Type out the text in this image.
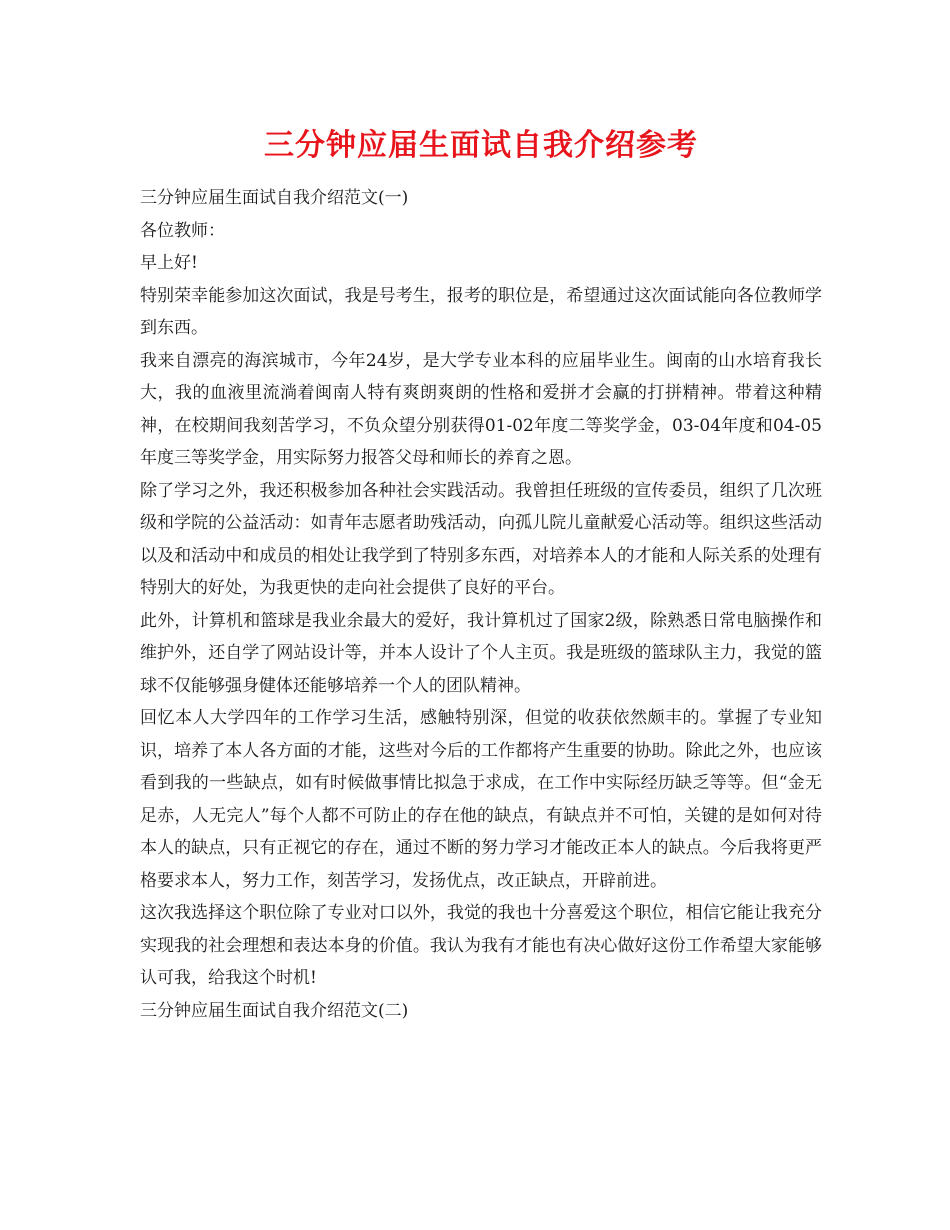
三分钟应届生面试自我介绍参考

三分钟应届生面试自我介绍范文(一)

各位教师：

早上好!

特别荣幸能参加这次面试，我是号考生，报考的职位是，希望通过这次面试能向各位教师学到东西。

我来自漂亮的海滨城市，今年24岁，是大学专业本科的应届毕业生。闽南的山水培育我长大，我的血液里流淌着闽南人特有爽朗爽朗的性格和爱拼才会赢的打拼精神。带着这种精神，在校期间我刻苦学习，不负众望分别获得01-02年度二等奖学金，03-04年度和04-05年度三等奖学金，用实际努力报答父母和师长的养育之恩。

除了学习之外，我还积极参加各种社会实践活动。我曾担任班级的宣传委员，组织了几次班级和学院的公益活动：如青年志愿者助残活动，向孤儿院儿童献爱心活动等。组织这些活动以及和活动中和成员的相处让我学到了特别多东西，对培养本人的才能和人际关系的处理有特别大的好处，为我更快的走向社会提供了良好的平台。

此外，计算机和篮球是我业余最大的爱好，我计算机过了国家2级，除熟悉日常电脑操作和维护外，还自学了网站设计等，并本人设计了个人主页。我是班级的篮球队主力，我觉的篮球不仅能够强身健体还能够培养一个人的团队精神。

回忆本人大学四年的工作学习生活，感触特别深，但觉的收获依然颇丰的。掌握了专业知识，培养了本人各方面的才能，这些对今后的工作都将产生重要的协助。除此之外，也应该看到我的一些缺点，如有时候做事情比拟急于求成，在工作中实际经历缺乏等等。但“金无足赤，人无完人”每个人都不可防止的存在他的缺点，有缺点并不可怕，关键的是如何对待本人的缺点，只有正视它的存在，通过不断的努力学习才能改正本人的缺点。今后我将更严格要求本人，努力工作，刻苦学习，发扬优点，改正缺点，开辟前进。

这次我选择这个职位除了专业对口以外，我觉的我也十分喜爱这个职位，相信它能让我充分实现我的社会理想和表达本身的价值。我认为我有才能也有决心做好这份工作希望大家能够认可我，给我这个时机!

三分钟应届生面试自我介绍范文(二)
